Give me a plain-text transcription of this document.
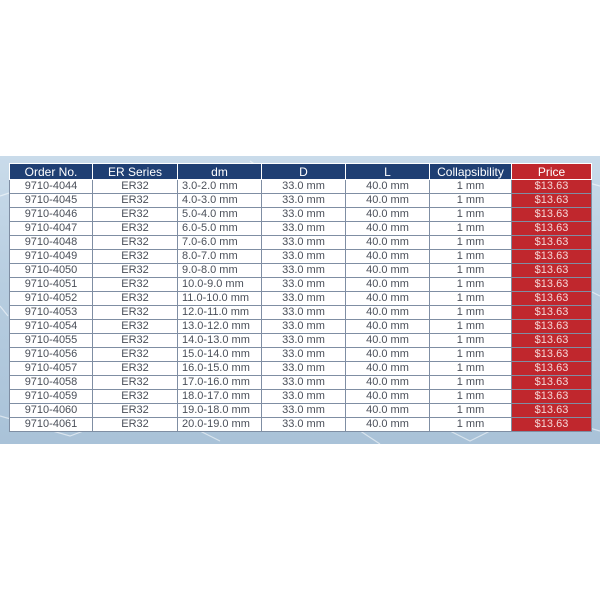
Order No.	ER Series	dm	D	L	Collapsibility	Price
9710-4044	ER32	3.0-2.0 mm	33.0 mm	40.0 mm	1 mm	$13.63
9710-4045	ER32	4.0-3.0 mm	33.0 mm	40.0 mm	1 mm	$13.63
9710-4046	ER32	5.0-4.0 mm	33.0 mm	40.0 mm	1 mm	$13.63
9710-4047	ER32	6.0-5.0 mm	33.0 mm	40.0 mm	1 mm	$13.63
9710-4048	ER32	7.0-6.0 mm	33.0 mm	40.0 mm	1 mm	$13.63
9710-4049	ER32	8.0-7.0 mm	33.0 mm	40.0 mm	1 mm	$13.63
9710-4050	ER32	9.0-8.0 mm	33.0 mm	40.0 mm	1 mm	$13.63
9710-4051	ER32	10.0-9.0 mm	33.0 mm	40.0 mm	1 mm	$13.63
9710-4052	ER32	11.0-10.0 mm	33.0 mm	40.0 mm	1 mm	$13.63
9710-4053	ER32	12.0-11.0 mm	33.0 mm	40.0 mm	1 mm	$13.63
9710-4054	ER32	13.0-12.0 mm	33.0 mm	40.0 mm	1 mm	$13.63
9710-4055	ER32	14.0-13.0 mm	33.0 mm	40.0 mm	1 mm	$13.63
9710-4056	ER32	15.0-14.0 mm	33.0 mm	40.0 mm	1 mm	$13.63
9710-4057	ER32	16.0-15.0 mm	33.0 mm	40.0 mm	1 mm	$13.63
9710-4058	ER32	17.0-16.0 mm	33.0 mm	40.0 mm	1 mm	$13.63
9710-4059	ER32	18.0-17.0 mm	33.0 mm	40.0 mm	1 mm	$13.63
9710-4060	ER32	19.0-18.0 mm	33.0 mm	40.0 mm	1 mm	$13.63
9710-4061	ER32	20.0-19.0 mm	33.0 mm	40.0 mm	1 mm	$13.63
